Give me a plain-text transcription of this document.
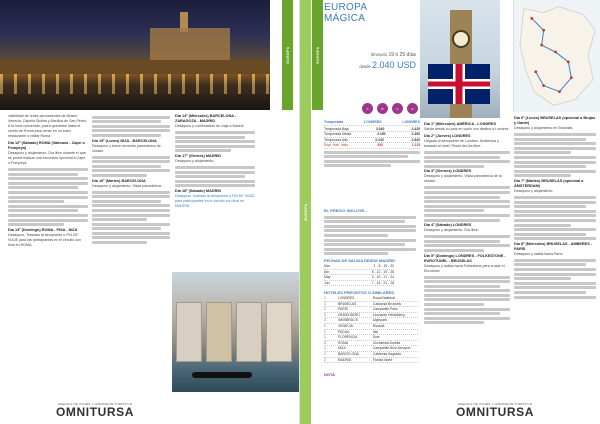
visibilidad de redes permanentes de Museo Venecia, Capella Sistina y Basílica de San Pedro. A la hora convenida, podrá quedarse hasta el centro de Roma para cenar en un buen restaurante o visitar Roma.

Día 12º (Sábado) ROMA (Vaticano - Capri o Pompeya)

Desayuno y alojamiento. Día libre durante el que se podrá realizar una excursión opcional a Capri o Pompeya.

Día 13º (Domingo) ROMA - PISA - NIZA

Desayuno. Traslado al aeropuerto o FIN DE VIAJE para las participantes en el circuito con final en ROMA.

Día 15º (Lunes) NIZA - BARCELONA

Desayuno y breve recorrido panorámico de ciudad.

Día 16º (Martes) BARCELONA

Desayuno y alojamiento. Visita panorámica.

Día 14º (Miércoles) BARCELONA - ZARAGOZA - MADRID

Desayuno y continuación de viaje a Madrid.

Día 17º (Viernes) MADRID

Desayuno y alojamiento.

Día 18º (Sábado) MADRID

Desayuno. traslado al aeropuerto y FIN DE VIAJE para participantes en el circuito con final en MADRID.

EUROPA
AGENCIA DE VIAJES Y OPERADOR TURÍSTICO
OMNITURSA
EUROPA
EUROPA
EUROPA
MÁGICA
Itinerario 19 ó 25 días
desde 2.040 USD
A	B	C	D
Temporada	LONDRES	LONDRES
Temporada Baja	2.040	2.425
Temporada Media	2.150	2.490
Temporada Alta	2.240	2.620
Supl. Hab. Indiv.	930	1.115
EL PRECIO INCLUYE...
FECHAS DE SALIDA DESDE MADRID
Mar	1 - 8 - 15 - 22
Abr	5 - 12 - 19 - 26
May	3 - 10 - 17 - 24
Jun	7 - 14 - 21 - 28
HOTELES PREVISTOS O SIMILARES
1	LONDRES	Royal National
1	BRUSELAS	Catalonia Brussels
1	PARÍS	Campanile Paris
1	HEIDELBERG	Leonardo Heidelberg
2	INNSBRUCK	Alpinpark
1	VENECIA	Russott
1	PADUA	Ibis
1	FLORENCIA	Sole
3	ROMA	Occidental Aurelia
1	NIZA	Campanile Nice Aeroport
1	BARCELONA	Catalonia Sagrada
2	MADRID	Florida Norte
NOTA
Día 1º (Miércoles) AMÉRICA - LONDRES

Salida desde su país en vuelo con destino a Londres.

Día 2º (Jueves) LONDRES

Llegada al aeropuerto de Londres. Asistencia y traslado al hotel. Resto del día libre.

Día 3º (Viernes) LONDRES

Desayuno y alojamiento. Visita panorámica de la ciudad.

Día 4º (Sábado) LONDRES

Desayuno y alojamiento. Día libre.

Día 5º (Domingo) LONDRES - FOLKESTONE - EUROTÚNEL - BRUSELAS

Desayuno y salida hacia Folkestone para cruzar el Eurotúnel.

Día 6º (Lunes) BRUSELAS (opcional a Brujas y Gante)

Desayuno y alojamiento en Bruselas.

Día 7º (Martes) BRUSELAS (opcional a ÁMSTERDAM)

Desayuno y alojamiento.

Día 8º (Miércoles) BRUSELAS - AMBERES - PARÍS

Desayuno y salida hacia París.

AGENCIA DE VIAJES Y OPERADOR TURÍSTICO
OMNITURSA
